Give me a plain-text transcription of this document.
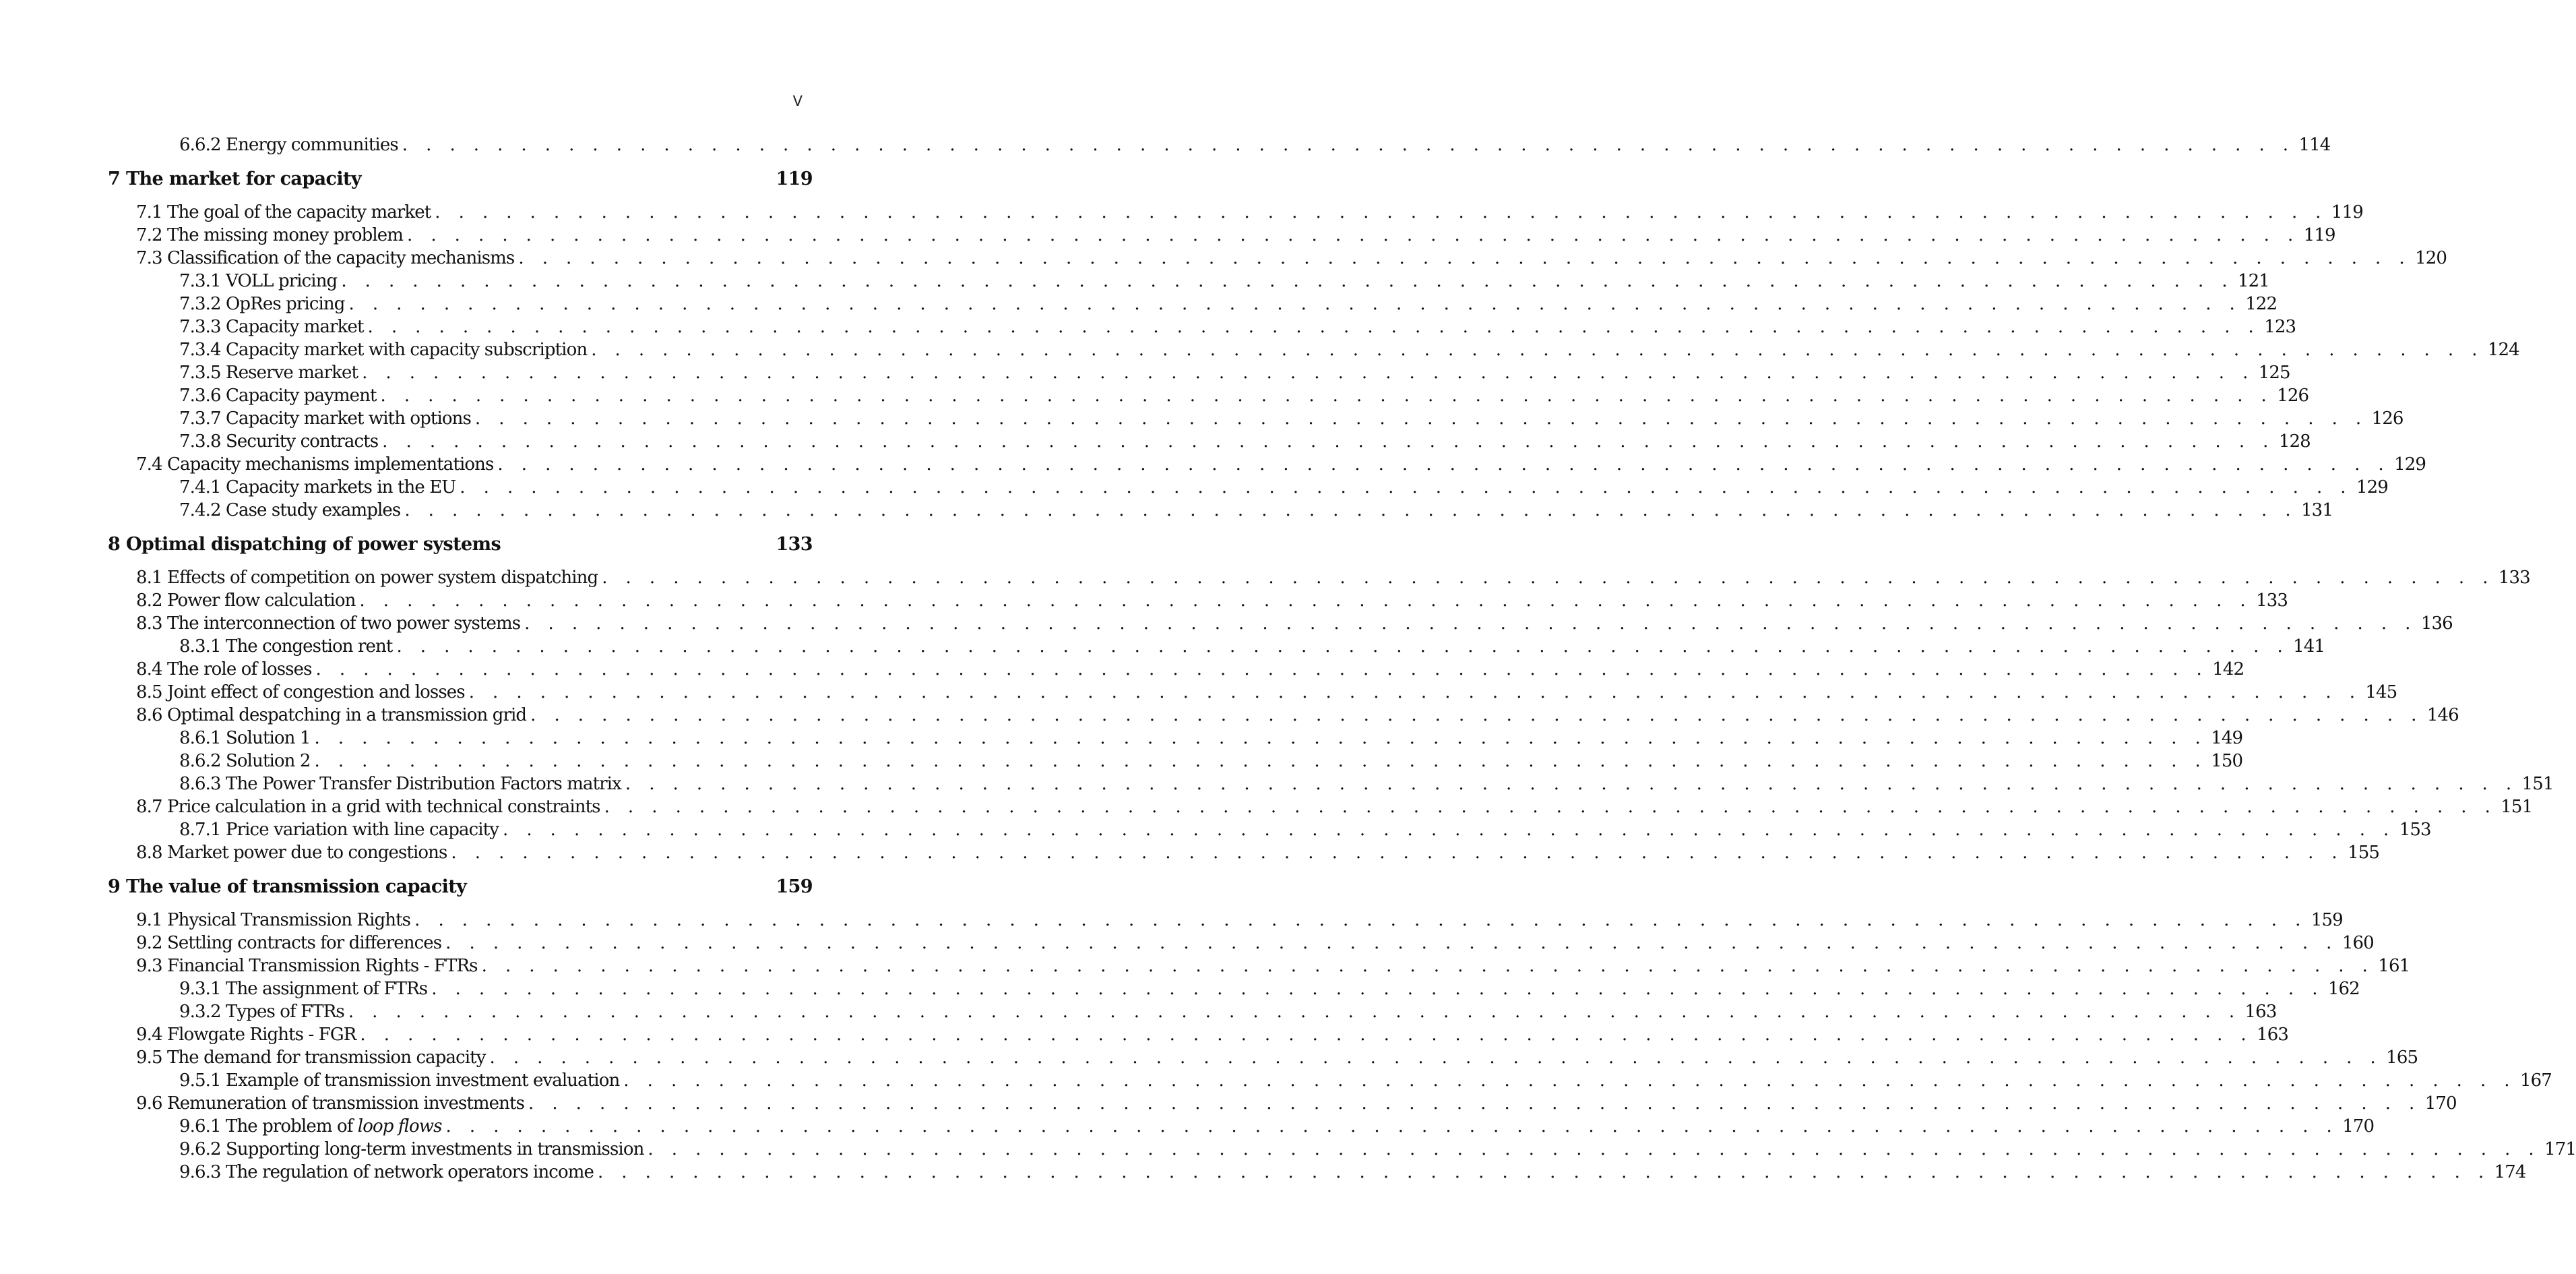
V
6.6.2 Energy communities . . . . . . . . . . . . . . . . . . . . . . . . . . . . . . . . . . . . . . . . . . . . . . . . . . . . . . . . . . . . . . . . . . . . . . . . . . . . . . . . 114
7 The market for capacity	119
7.1 The goal of the capacity market . . . . . . . . . . . . . . . . . . . . . . . . . . . . . . . . . . . . . . . . . . . . . . . . . . . . . . . . . . . . . . . . . . . . . . . . . . . . . . . . 119
7.2 The missing money problem . . . . . . . . . . . . . . . . . . . . . . . . . . . . . . . . . . . . . . . . . . . . . . . . . . . . . . . . . . . . . . . . . . . . . . . . . . . . . . . . 119
7.3 Classification of the capacity mechanisms . . . . . . . . . . . . . . . . . . . . . . . . . . . . . . . . . . . . . . . . . . . . . . . . . . . . . . . . . . . . . . . . . . . . . . . . . . . . . . . . 120
7.3.1 VOLL pricing . . . . . . . . . . . . . . . . . . . . . . . . . . . . . . . . . . . . . . . . . . . . . . . . . . . . . . . . . . . . . . . . . . . . . . . . . . . . . . . . 121
7.3.2 OpRes pricing . . . . . . . . . . . . . . . . . . . . . . . . . . . . . . . . . . . . . . . . . . . . . . . . . . . . . . . . . . . . . . . . . . . . . . . . . . . . . . . . 122
7.3.3 Capacity market . . . . . . . . . . . . . . . . . . . . . . . . . . . . . . . . . . . . . . . . . . . . . . . . . . . . . . . . . . . . . . . . . . . . . . . . . . . . . . . . 123
7.3.4 Capacity market with capacity subscription . . . . . . . . . . . . . . . . . . . . . . . . . . . . . . . . . . . . . . . . . . . . . . . . . . . . . . . . . . . . . . . . . . . . . . . . . . . . . . . . 124
7.3.5 Reserve market . . . . . . . . . . . . . . . . . . . . . . . . . . . . . . . . . . . . . . . . . . . . . . . . . . . . . . . . . . . . . . . . . . . . . . . . . . . . . . . . 125
7.3.6 Capacity payment . . . . . . . . . . . . . . . . . . . . . . . . . . . . . . . . . . . . . . . . . . . . . . . . . . . . . . . . . . . . . . . . . . . . . . . . . . . . . . . . 126
7.3.7 Capacity market with options . . . . . . . . . . . . . . . . . . . . . . . . . . . . . . . . . . . . . . . . . . . . . . . . . . . . . . . . . . . . . . . . . . . . . . . . . . . . . . . . 126
7.3.8 Security contracts . . . . . . . . . . . . . . . . . . . . . . . . . . . . . . . . . . . . . . . . . . . . . . . . . . . . . . . . . . . . . . . . . . . . . . . . . . . . . . . . 128
7.4 Capacity mechanisms implementations . . . . . . . . . . . . . . . . . . . . . . . . . . . . . . . . . . . . . . . . . . . . . . . . . . . . . . . . . . . . . . . . . . . . . . . . . . . . . . . . 129
7.4.1 Capacity markets in the EU . . . . . . . . . . . . . . . . . . . . . . . . . . . . . . . . . . . . . . . . . . . . . . . . . . . . . . . . . . . . . . . . . . . . . . . . . . . . . . . . 129
7.4.2 Case study examples . . . . . . . . . . . . . . . . . . . . . . . . . . . . . . . . . . . . . . . . . . . . . . . . . . . . . . . . . . . . . . . . . . . . . . . . . . . . . . . . 131
8 Optimal dispatching of power systems	133
8.1 Effects of competition on power system dispatching . . . . . . . . . . . . . . . . . . . . . . . . . . . . . . . . . . . . . . . . . . . . . . . . . . . . . . . . . . . . . . . . . . . . . . . . . . . . . . . . 133
8.2 Power flow calculation . . . . . . . . . . . . . . . . . . . . . . . . . . . . . . . . . . . . . . . . . . . . . . . . . . . . . . . . . . . . . . . . . . . . . . . . . . . . . . . . 133
8.3 The interconnection of two power systems . . . . . . . . . . . . . . . . . . . . . . . . . . . . . . . . . . . . . . . . . . . . . . . . . . . . . . . . . . . . . . . . . . . . . . . . . . . . . . . . 136
8.3.1 The congestion rent . . . . . . . . . . . . . . . . . . . . . . . . . . . . . . . . . . . . . . . . . . . . . . . . . . . . . . . . . . . . . . . . . . . . . . . . . . . . . . . . 141
8.4 The role of losses . . . . . . . . . . . . . . . . . . . . . . . . . . . . . . . . . . . . . . . . . . . . . . . . . . . . . . . . . . . . . . . . . . . . . . . . . . . . . . . . 142
8.5 Joint effect of congestion and losses . . . . . . . . . . . . . . . . . . . . . . . . . . . . . . . . . . . . . . . . . . . . . . . . . . . . . . . . . . . . . . . . . . . . . . . . . . . . . . . . 145
8.6 Optimal despatching in a transmission grid . . . . . . . . . . . . . . . . . . . . . . . . . . . . . . . . . . . . . . . . . . . . . . . . . . . . . . . . . . . . . . . . . . . . . . . . . . . . . . . . 146
8.6.1 Solution 1 . . . . . . . . . . . . . . . . . . . . . . . . . . . . . . . . . . . . . . . . . . . . . . . . . . . . . . . . . . . . . . . . . . . . . . . . . . . . . . . . 149
8.6.2 Solution 2 . . . . . . . . . . . . . . . . . . . . . . . . . . . . . . . . . . . . . . . . . . . . . . . . . . . . . . . . . . . . . . . . . . . . . . . . . . . . . . . . 150
8.6.3 The Power Transfer Distribution Factors matrix . . . . . . . . . . . . . . . . . . . . . . . . . . . . . . . . . . . . . . . . . . . . . . . . . . . . . . . . . . . . . . . . . . . . . . . . . . . . . . . . 151
8.7 Price calculation in a grid with technical constraints . . . . . . . . . . . . . . . . . . . . . . . . . . . . . . . . . . . . . . . . . . . . . . . . . . . . . . . . . . . . . . . . . . . . . . . . . . . . . . . . 151
8.7.1 Price variation with line capacity . . . . . . . . . . . . . . . . . . . . . . . . . . . . . . . . . . . . . . . . . . . . . . . . . . . . . . . . . . . . . . . . . . . . . . . . . . . . . . . . 153
8.8 Market power due to congestions . . . . . . . . . . . . . . . . . . . . . . . . . . . . . . . . . . . . . . . . . . . . . . . . . . . . . . . . . . . . . . . . . . . . . . . . . . . . . . . . 155
9 The value of transmission capacity	159
9.1 Physical Transmission Rights . . . . . . . . . . . . . . . . . . . . . . . . . . . . . . . . . . . . . . . . . . . . . . . . . . . . . . . . . . . . . . . . . . . . . . . . . . . . . . . . 159
9.2 Settling contracts for differences . . . . . . . . . . . . . . . . . . . . . . . . . . . . . . . . . . . . . . . . . . . . . . . . . . . . . . . . . . . . . . . . . . . . . . . . . . . . . . . . 160
9.3 Financial Transmission Rights - FTRs . . . . . . . . . . . . . . . . . . . . . . . . . . . . . . . . . . . . . . . . . . . . . . . . . . . . . . . . . . . . . . . . . . . . . . . . . . . . . . . . 161
9.3.1 The assignment of FTRs . . . . . . . . . . . . . . . . . . . . . . . . . . . . . . . . . . . . . . . . . . . . . . . . . . . . . . . . . . . . . . . . . . . . . . . . . . . . . . . . 162
9.3.2 Types of FTRs . . . . . . . . . . . . . . . . . . . . . . . . . . . . . . . . . . . . . . . . . . . . . . . . . . . . . . . . . . . . . . . . . . . . . . . . . . . . . . . . 163
9.4 Flowgate Rights - FGR . . . . . . . . . . . . . . . . . . . . . . . . . . . . . . . . . . . . . . . . . . . . . . . . . . . . . . . . . . . . . . . . . . . . . . . . . . . . . . . . 163
9.5 The demand for transmission capacity . . . . . . . . . . . . . . . . . . . . . . . . . . . . . . . . . . . . . . . . . . . . . . . . . . . . . . . . . . . . . . . . . . . . . . . . . . . . . . . . 165
9.5.1 Example of transmission investment evaluation . . . . . . . . . . . . . . . . . . . . . . . . . . . . . . . . . . . . . . . . . . . . . . . . . . . . . . . . . . . . . . . . . . . . . . . . . . . . . . . . 167
9.6 Remuneration of transmission investments . . . . . . . . . . . . . . . . . . . . . . . . . . . . . . . . . . . . . . . . . . . . . . . . . . . . . . . . . . . . . . . . . . . . . . . . . . . . . . . . 170
9.6.1 The problem of loop flows . . . . . . . . . . . . . . . . . . . . . . . . . . . . . . . . . . . . . . . . . . . . . . . . . . . . . . . . . . . . . . . . . . . . . . . . . . . . . . . . 170
9.6.2 Supporting long-term investments in transmission . . . . . . . . . . . . . . . . . . . . . . . . . . . . . . . . . . . . . . . . . . . . . . . . . . . . . . . . . . . . . . . . . . . . . . . . . . . . . . . . 171
9.6.3 The regulation of network operators income . . . . . . . . . . . . . . . . . . . . . . . . . . . . . . . . . . . . . . . . . . . . . . . . . . . . . . . . . . . . . . . . . . . . . . . . . . . . . . . . 174
